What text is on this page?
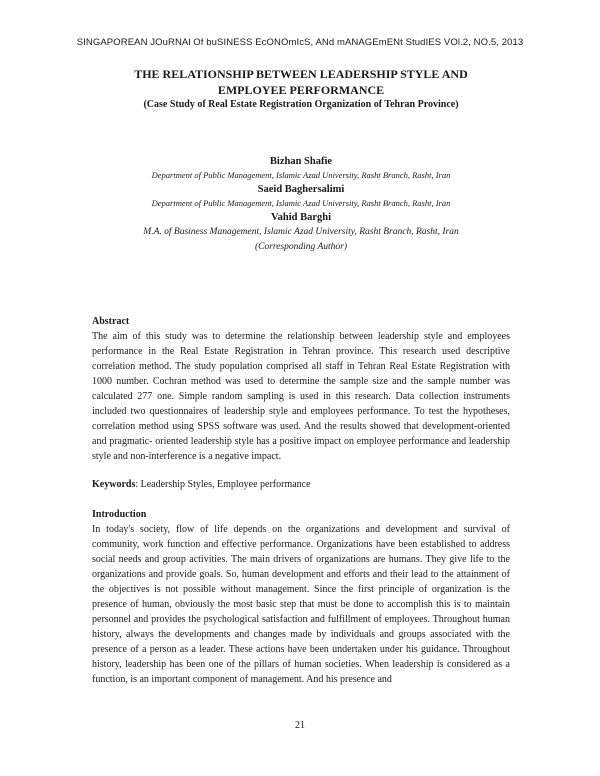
SINGAPOREAN JOuRNAl Of buSINESS EcONOmIcS, ANd mANAGEmENt StudIES VOl.2, NO.5, 2013

THE RELATIONSHIP BETWEEN LEADERSHIP STYLE AND

EMPLOYEE PERFORMANCE

(Case Study of Real Estate Registration Organization of Tehran Province)

Bizhan Shafie
Department of Public Management, Islamic Azad University, Rasht Branch, Rasht, Iran
Saeid Baghersalimi
Department of Public Management, Islamic Azad University, Rasht Branch, Rasht, Iran
Vahid Barghi
M.A. of Business Management, Islamic Azad University, Rasht Branch, Rasht, Iran
(Corresponding Author)
Abstract

The aim of this study was to determine the relationship between leadership style and employees performance in the Real Estate Registration in Tehran province. This research used descriptive correlation method. The study population comprised all staff in Tehran Real Estate Registration with 1000 number. Cochran method was used to determine the sample size and the sample number was calculated 277 one. Simple random sampling is used in this research. Data collection instruments included two questionnaires of leadership style and employees performance. To test the hypotheses, correlation method using SPSS software was used. And the results showed that development-oriented and pragmatic- oriented leadership style has a positive impact on employee performance and leadership style and non-interference is a negative impact.

Keywords: Leadership Styles, Employee performance
Introduction

In today's society, flow of life depends on the organizations and development and survival of community, work function and effective performance. Organizations have been established to address social needs and group activities. The main drivers of organizations are humans. They give life to the organizations and provide goals. So, human development and efforts and their lead to the attainment of the objectives is not possible without management. Since the first principle of organization is the presence of human, obviously the most basic step that must be done to accomplish this is to maintain personnel and provides the psychological satisfaction and fulfillment of employees. Throughout human history, always the developments and changes made by individuals and groups associated with the presence of a person as a leader. These actions have been undertaken under his guidance. Throughout history, leadership has been one of the pillars of human societies. When leadership is considered as a function, is an important component of management. And his presence and

21
